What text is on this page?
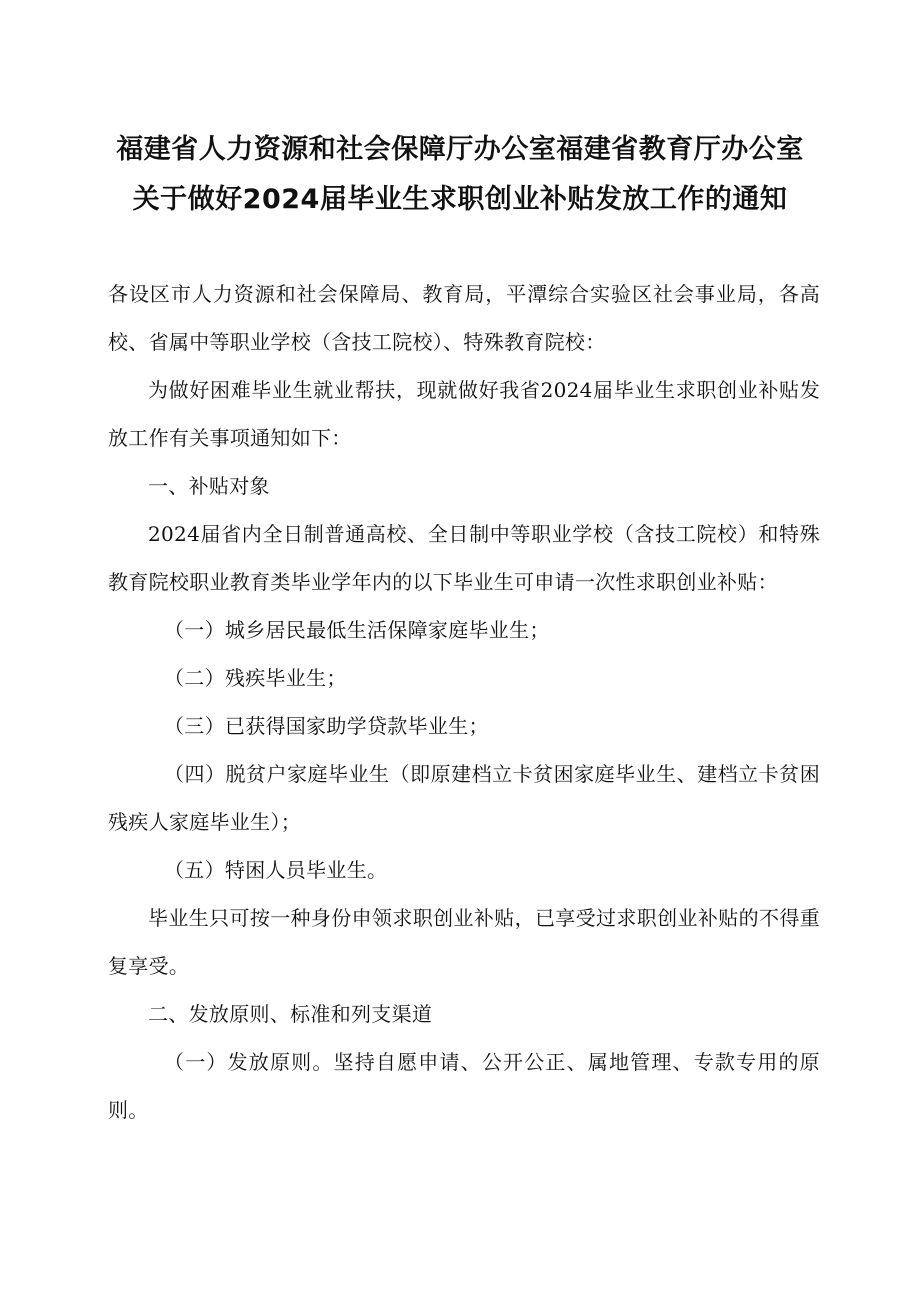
福建省人力资源和社会保障厅办公室福建省教育厅办公室
关于做好2024届毕业生求职创业补贴发放工作的通知

各设区市人力资源和社会保障局、教育局，平潭综合实验区社会事业局，各高校、省属中等职业学校（含技工院校）、特殊教育院校：

为做好困难毕业生就业帮扶，现就做好我省2024届毕业生求职创业补贴发放工作有关事项通知如下：

一、补贴对象

2024届省内全日制普通高校、全日制中等职业学校（含技工院校）和特殊教育院校职业教育类毕业学年内的以下毕业生可申请一次性求职创业补贴：

（一）城乡居民最低生活保障家庭毕业生；

（二）残疾毕业生；

（三）已获得国家助学贷款毕业生；

（四）脱贫户家庭毕业生（即原建档立卡贫困家庭毕业生、建档立卡贫困残疾人家庭毕业生）；

（五）特困人员毕业生。

毕业生只可按一种身份申领求职创业补贴，已享受过求职创业补贴的不得重复享受。

二、发放原则、标准和列支渠道

（一）发放原则。坚持自愿申请、公开公正、属地管理、专款专用的原则。
